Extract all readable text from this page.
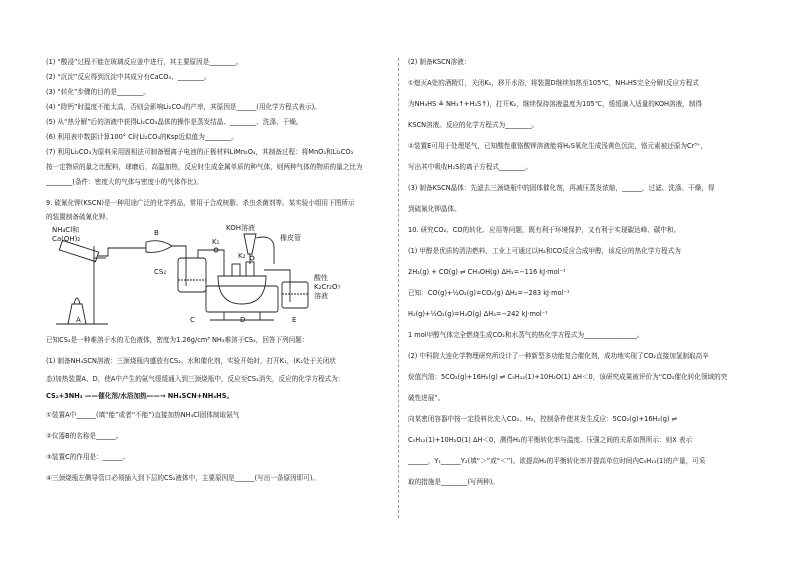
(1) “酸浸”过程不能在玻璃反应釜中进行，其主要原因是________。

(2) “沉淀”反应得到沉淀中其成分有CaCO₃、________。

(3) “转化”步骤的目的是________。

(4) “除钙”时温度不能太高，否则会影响Li₂CO₃的产率，其原因是______(用化学方程式表示)。

(5) 从“热分解”后的溶液中获得Li₂CO₃晶体的操作是蒸发结晶、________、洗涤、干燥。

(6) 利用表中数据计算100° C时Li₂CO₃的Ksp近似值为________。

(7) 利用Li₂CO₃为原料采用固相法可制备锂离子电池的正极材料LiMn₂O₄，其制备过程：将MnO₂和Li₂CO₃

按一定物质的量之比配料，球磨后，高温加热，反应时生成金属单质的种气体，则两种气体的物质的量之比为

________(条件：密度大的气体与密度小的气体作比)。

9. 硫氰化钾(KSCN)是一种用途广泛的化学药品，常用于合成树脂、杀虫杀菌剂等。某实验小组用下图所示

的装置制备硫氰化钾。

NH₄Cl和
Ca(OH)₂
KOH溶液
橡皮管
K₁
K₂
CS₂
酸性
K₂Cr₂O₇
溶液
A
B
C	D	E

已知CS₂是一种难溶于水的无色液体，密度为1.26g/cm³ NH₃难溶于CS₂，回答下列问题：

(1) 制备NH₄SCN溶液：三颈烧瓶内盛放有CS₂、水和催化剂，实验开始时，打开K₁，(K₂处于关闭状

态)加热装置A、D，使A中产生的氨气缓缓通入到三颈烧瓶中，反应至CS₂消失，反应的化学方程式为：

CS₂+3NH₃ ——催化剂/水浴加热——→ NH₄SCN+NH₄HS。

①装置A中______(填“能”或者“不能”)直接加热NH₄Cl固体制取氨气

②仪器B的名称是______。

③装置C的作用是：______。

④三颈烧瓶左侧导管口必须插入到下层的CS₂液体中，主要原因是______(写出一条原因即可)。

(2) 制备KSCN溶液：

①熄灭A处的酒精灯，关闭K₁，移开水浴，将装置D继续加热至105℃，NH₄HS完全分解(反应方程式

为NH₄HS ≜ NH₃↑+H₂S↑)，打开K₂，继续保持溶液温度为105℃，缓缓滴入适量的KOH溶液，制得

KSCN溶液。反应的化学方程式为________。

②装置E可用于处理尾气，已知酸性重铬酸钾溶液能将H₂S氧化生成浅黄色沉淀，铬元素被还原为Cr³⁺，

写出其中吸收H₂S的离子方程式________。

(3) 制备KSCN晶体：先滤去三颈烧瓶中的固体催化剂，再减压蒸发浓缩，______，过滤、洗涤、干燥，得

到硫氰化钾晶体。

10. 研究CO₂、CO的转化、应用等问题，既有利于环境保护，又有利于实现碳达峰、碳中和。

(1) 甲醇是优质的清洁燃料，工业上可通过以H₂和CO反应合成甲醇，该反应的热化学方程式为

2H₂(g) + CO(g) ⇌ CH₃OH(g) ΔH₁=−116 kJ·mol⁻¹

已知：CO(g)+½O₂(g)=CO₂(g) ΔH₂=−283 kJ·mol⁻¹

H₂(g)+½O₂(g)=H₂O(g) ΔH₃=−242 kJ·mol⁻¹

1 mol甲醇气体完全燃烧生成CO₂和水蒸气的热化学方程式为________________。

(2) 中科院大连化学物理研究所设计了一种新型多功能复合催化剂，成功地实现了CO₂直接加氢制取高辛

烷值汽油：5CO₂(g)+16H₂(g) ⇌ C₅H₁₂(1)+10H₂O(1) ΔH＜0，该研究成果被评价为“CO₂催化转化领域的突

破性进展”。

向某密闭容器中按一定投料比充入CO₂、H₂，控制条件使其发生反应：5CO₂(g)+16H₂(g) ⇌

C₅H₁₂(1)+10H₂O(1) ΔH＜0，测得H₂的平衡转化率与温度、压强之间的关系如图所示：则X 表示

______，Y₁______Y₂(填“＞”或“＜”)。欲提高H₂的平衡转化率并提高单位时间内C₅H₁₂(1)的产量，可采

取的措施是________(写两种)。
